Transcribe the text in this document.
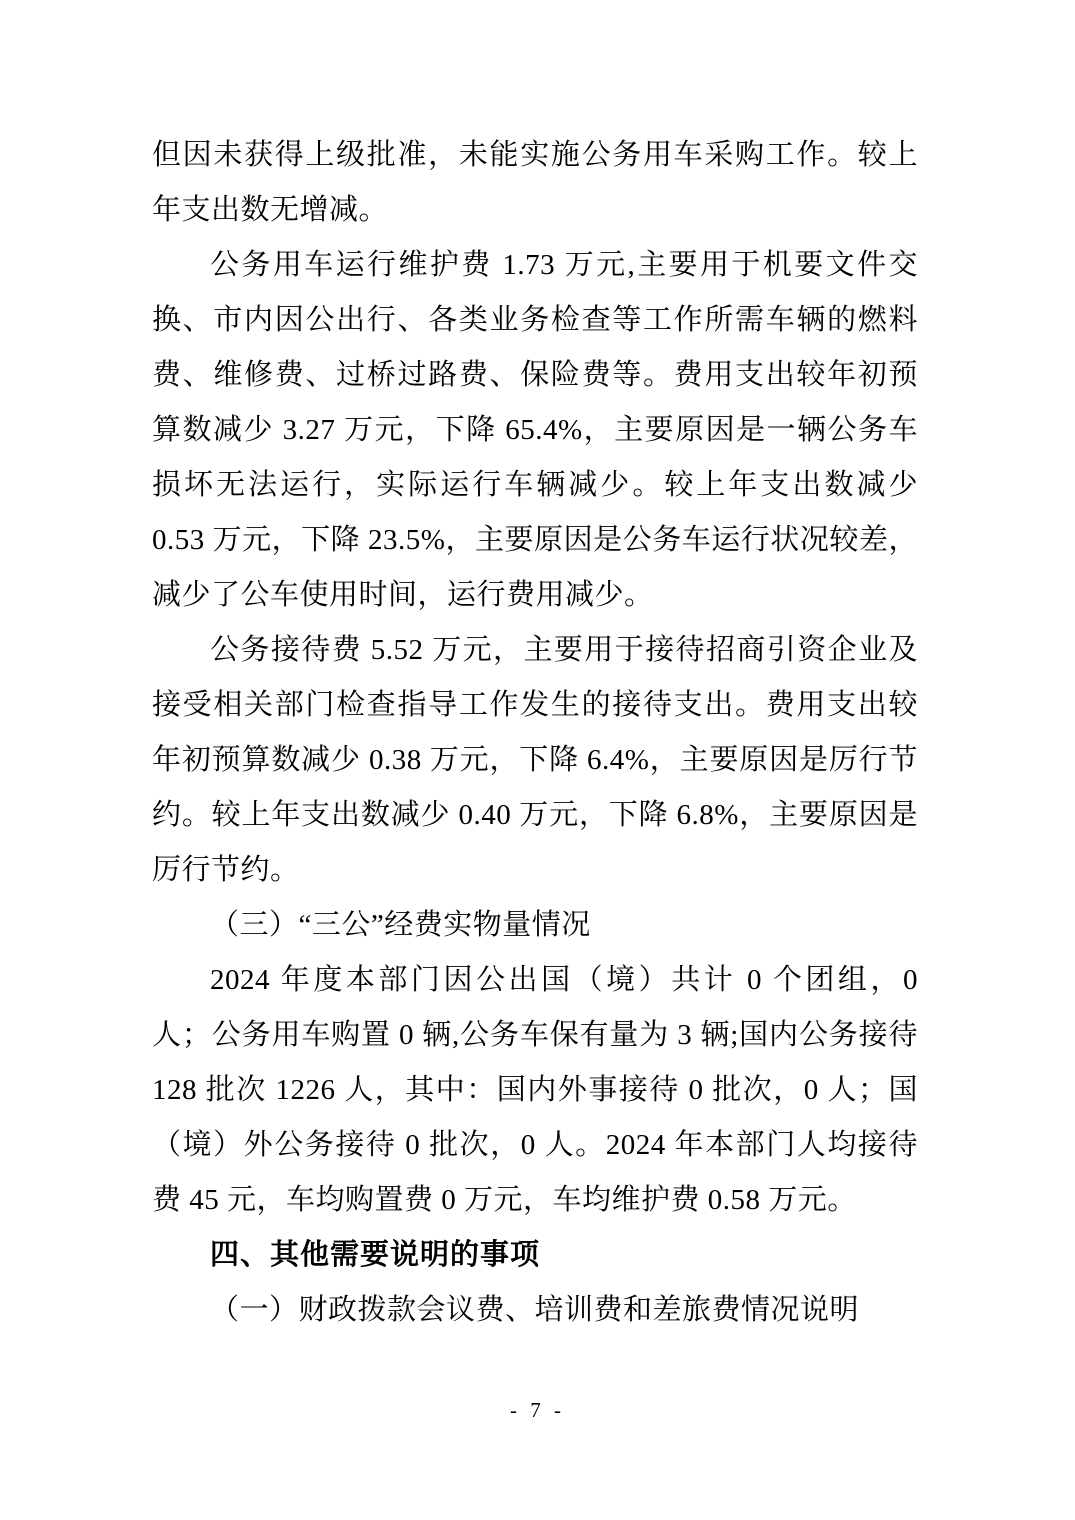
但因未获得上级批准，未能实施公务用车采购工作。较上年支出数无增减。

公务用车运行维护费 1.73 万元,主要用于机要文件交换、市内因公出行、各类业务检查等工作所需车辆的燃料费、维修费、过桥过路费、保险费等。费用支出较年初预算数减少 3.27 万元，下降 65.4%，主要原因是一辆公务车损坏无法运行，实际运行车辆减少。较上年支出数减少 0.53 万元，下降 23.5%，主要原因是公务车运行状况较差，减少了公车使用时间，运行费用减少。

公务接待费 5.52 万元，主要用于接待招商引资企业及接受相关部门检查指导工作发生的接待支出。费用支出较年初预算数减少 0.38 万元，下降 6.4%，主要原因是厉行节约。较上年支出数减少 0.40 万元，下降 6.8%，主要原因是厉行节约。

（三）“三公”经费实物量情况

2024 年度本部门因公出国（境）共计 0 个团组，0 人；公务用车购置 0 辆,公务车保有量为 3 辆;国内公务接待 128 批次 1226 人，其中：国内外事接待 0 批次，0 人；国（境）外公务接待 0 批次，0 人。2024 年本部门人均接待费 45 元，车均购置费 0 万元，车均维护费 0.58 万元。

四、其他需要说明的事项

（一）财政拨款会议费、培训费和差旅费情况说明

- 7 -
